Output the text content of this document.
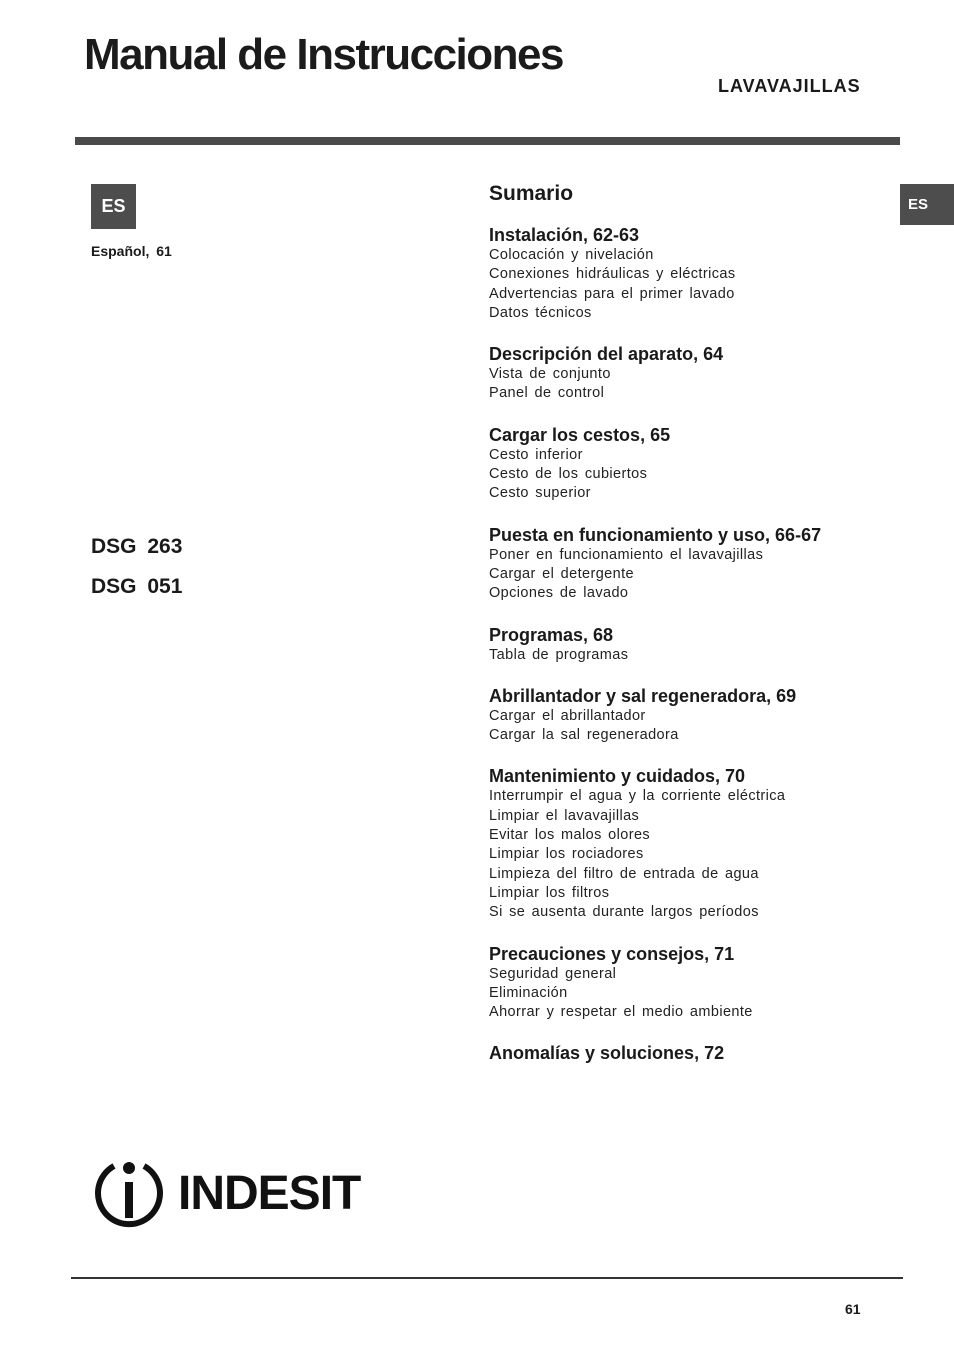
Manual de Instrucciones
LAVAVAJILLAS
ES
Español, 61
ES
DSG 263
DSG 051
Sumario
Instalación, 62-63
Colocación y nivelación
Conexiones hidráulicas y eléctricas
Advertencias para el primer lavado
Datos técnicos
Descripción del aparato, 64
Vista de conjunto
Panel de control
Cargar los cestos, 65
Cesto inferior
Cesto de los cubiertos
Cesto superior
Puesta en funcionamiento y uso, 66-67
Poner en funcionamiento el lavavajillas
Cargar el detergente
Opciones de lavado
Programas, 68
Tabla de programas
Abrillantador y sal regeneradora, 69
Cargar el abrillantador
Cargar la sal regeneradora
Mantenimiento y cuidados, 70
Interrumpir el agua y la corriente eléctrica
Limpiar el lavavajillas
Evitar los malos olores
Limpiar los rociadores
Limpieza del filtro de entrada de agua
Limpiar los filtros
Si se ausenta durante largos períodos
Precauciones y consejos, 71
Seguridad general
Eliminación
Ahorrar y respetar el medio ambiente
Anomalías y soluciones, 72
INDESIT
61
